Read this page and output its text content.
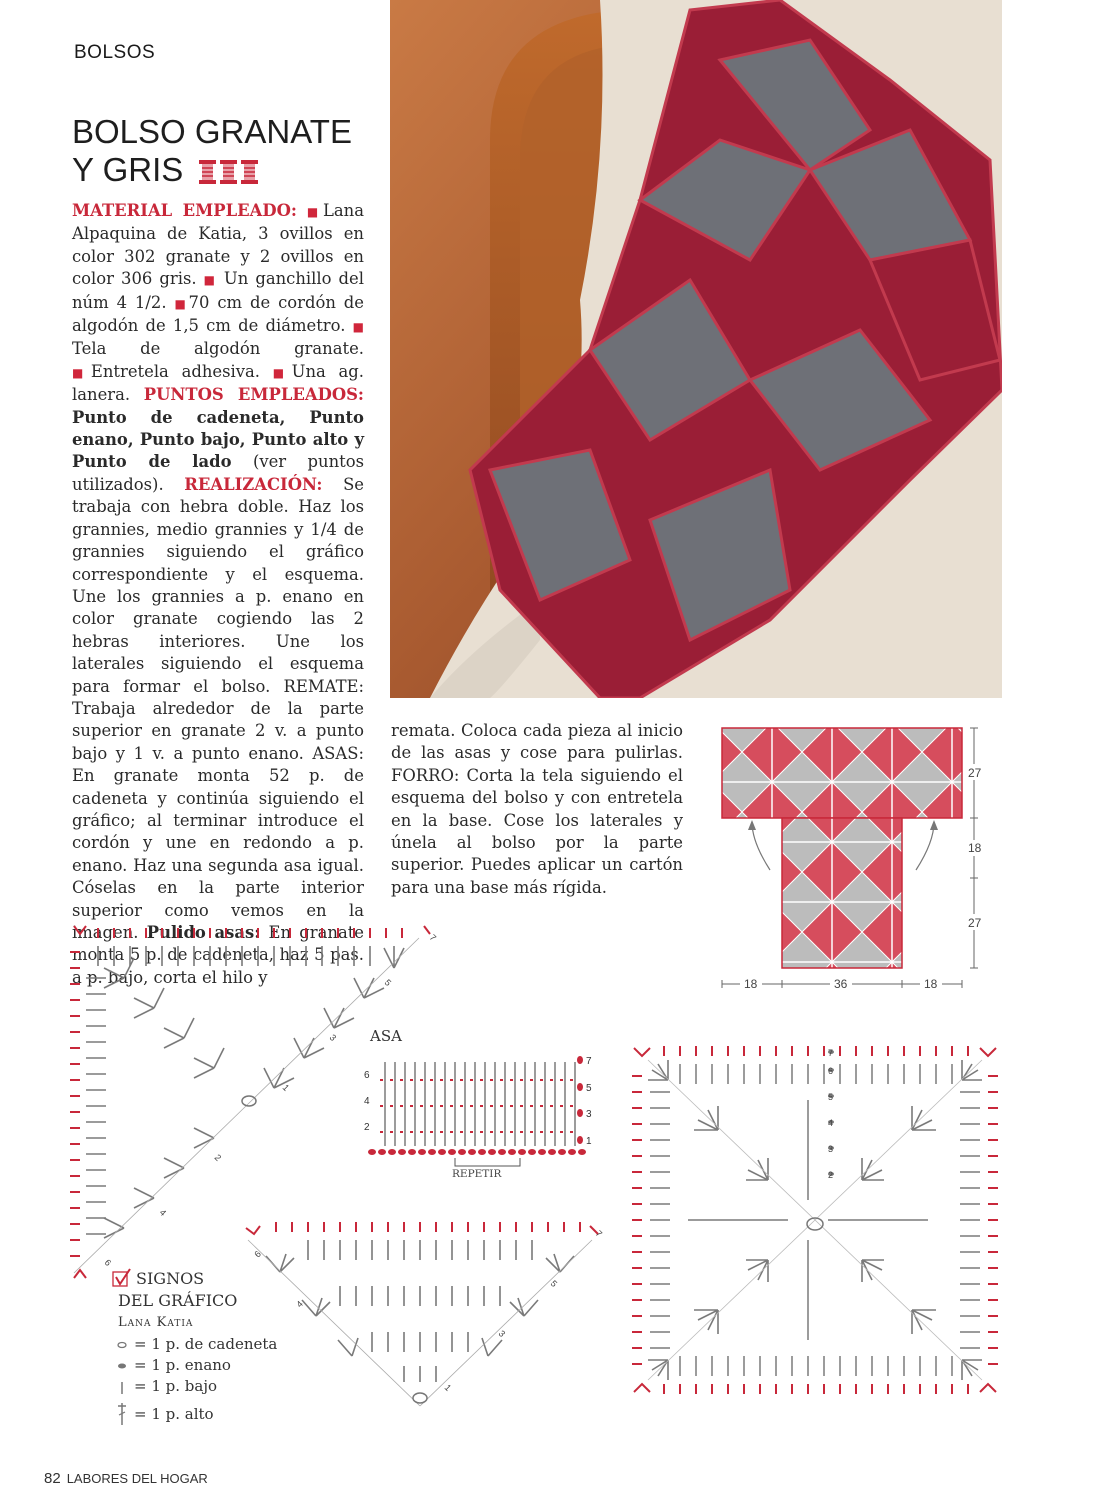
BOLSOS
BOLSO GRANATE
Y GRIS
MATERIAL EMPLEADO: ■Lana Alpaquina de Katia, 3 ovillos en color 302 granate y 2 ovillos en color 306 gris. ■ Un ganchillo del núm 4 1/2. ■70 cm de cordón de algodón de 1,5 cm de diámetro. ■ Tela de algodón granate. ■Entretela adhesiva. ■Una ag. lanera. PUNTOS EMPLEADOS: Punto de cadeneta, Punto enano, Punto bajo, Punto alto y Punto de lado (ver puntos utilizados). REALIZACIÓN: Se trabaja con hebra doble. Haz los grannies, medio grannies y 1/4 de grannies siguiendo el gráfico correspondiente y el esquema. Une los grannies a p. enano en color granate cogiendo las 2 hebras interiores. Une los laterales siguiendo el esquema para formar el bolso. REMATE: Trabaja alrededor de la parte superior en granate 2 v. a punto bajo y 1 v. a punto enano. ASAS: En granate monta 52 p. de cadeneta y continúa siguiendo el gráfico; al terminar introduce el cordón y une en redondo a p. enano. Haz una segunda asa igual. Cóselas en la parte interior superior como vemos en la imagen. Pulido asas: En granate monta 5 p. de cadeneta, haz 5 pas. a p. bajo, corta el hilo y
remata. Coloca cada pieza al inicio de las asas y cose para pulirlas. FORRO: Corta la tela siguiendo el esquema del bolso y con entretela en la base. Cose los laterales y únela al bolso por la parte superior. Puedes aplicar un cartón para una base más rígida.
27
18
27
18	36	18
7
5
3
1
2
4
6
ASA
6
4
2
7
5
3
1
REPETIR
6
4
7
5
3
1
7
6
5
4
3
2
SIGNOS
DEL GRÁFICO
Lana Katia
= 1 p. de cadeneta
= 1 p. enano
= 1 p. bajo
= 1 p. alto
82 LABORES DEL HOGAR
